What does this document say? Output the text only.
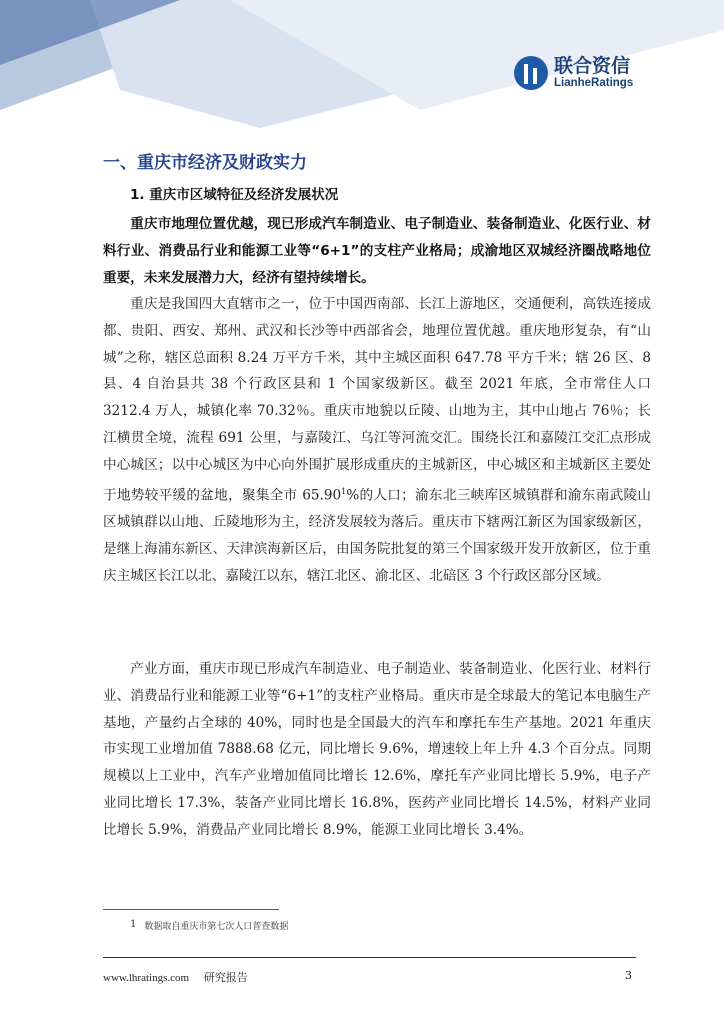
联合资信
LianheRatings
一、重庆市经济及财政实力
1. 重庆市区域特征及经济发展状况

重庆市地理位置优越，现已形成汽车制造业、电子制造业、装备制造业、化医行业、材料行业、消费品行业和能源工业等“6+1”的支柱产业格局；成渝地区双城经济圈战略地位重要，未来发展潜力大，经济有望持续增长。

重庆是我国四大直辖市之一，位于中国西南部、长江上游地区，交通便利，高铁连接成都、贵阳、西安、郑州、武汉和长沙等中西部省会，地理位置优越。重庆地形复杂，有“山城”之称，辖区总面积 8.24 万平方千米，其中主城区面积 647.78 平方千米；辖 26 区、8 县、4 自治县共 38 个行政区县和 1 个国家级新区。截至 2021 年底，全市常住人口 3212.4 万人，城镇化率 70.32％。重庆市地貌以丘陵、山地为主，其中山地占 76％；长江横贯全境，流程 691 公里，与嘉陵江、乌江等河流交汇。围绕长江和嘉陵江交汇点形成中心城区；以中心城区为中心向外围扩展形成重庆的主城新区，中心城区和主城新区主要处于地势较平缓的盆地，聚集全市 65.90$^1$%的人口；渝东北三峡库区城镇群和渝东南武陵山区城镇群以山地、丘陵地形为主，经济发展较为落后。重庆市下辖两江新区为国家级新区，是继上海浦东新区、天津滨海新区后，由国务院批复的第三个国家级开发开放新区，位于重庆主城区长江以北、嘉陵江以东，辖江北区、渝北区、北碚区 3 个行政区部分区域。

产业方面，重庆市现已形成汽车制造业、电子制造业、装备制造业、化医行业、材料行业、消费品行业和能源工业等“6+1”的支柱产业格局。重庆市是全球最大的笔记本电脑生产基地，产量约占全球的 40%，同时也是全国最大的汽车和摩托车生产基地。2021 年重庆市实现工业增加值 7888.68 亿元，同比增长 9.6%，增速较上年上升 4.3 个百分点。同期规模以上工业中，汽车产业增加值同比增长 12.6%，摩托车产业同比增长 5.9%，电子产业同比增长 17.3%，装备产业同比增长 16.8%，医药产业同比增长 14.5%，材料产业同比增长 5.9%，消费品产业同比增长 8.9%，能源工业同比增长 3.4%。

1 数据取自重庆市第七次人口普查数据
www.lhratings.com 研究报告	3
